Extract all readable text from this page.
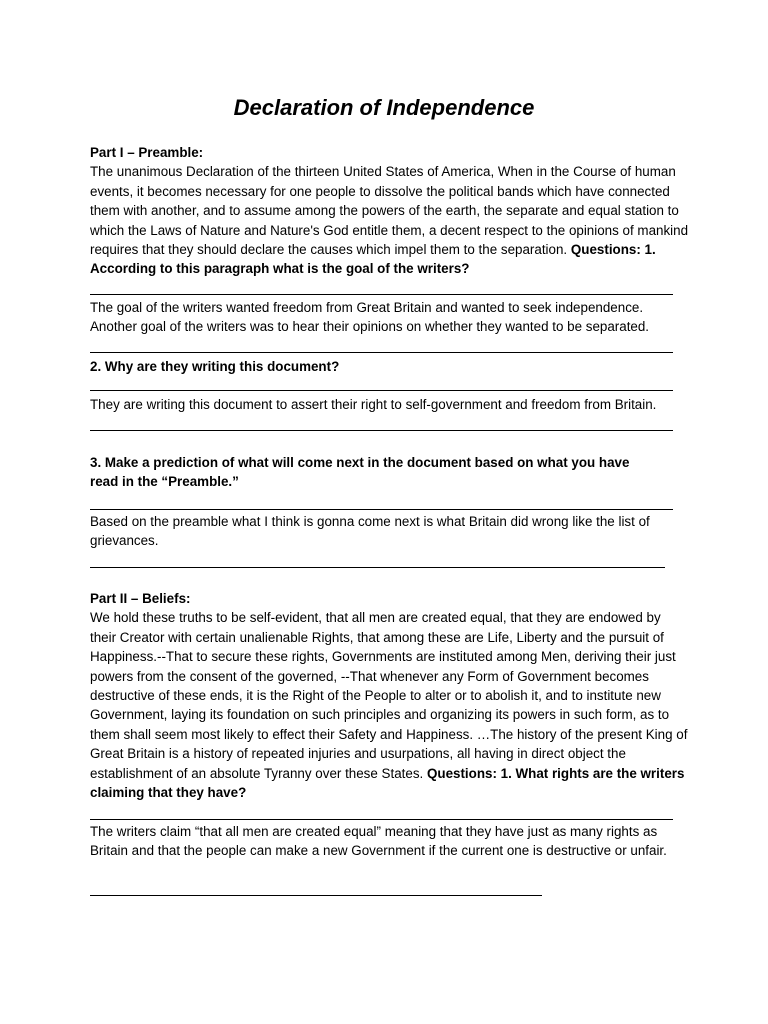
Declaration of Independence

Part I – Preamble:
The unanimous Declaration of the thirteen United States of America, When in the Course of human events, it becomes necessary for one people to dissolve the political bands which have connected them with another, and to assume among the powers of the earth, the separate and equal station to which the Laws of Nature and Nature's God entitle them, a decent respect to the opinions of mankind requires that they should declare the causes which impel them to the separation. Questions: 1. According to this paragraph what is the goal of the writers?

The goal of the writers wanted freedom from Great Britain and wanted to seek independence. Another goal of the writers was to hear their opinions on whether they wanted to be separated.

2. Why are they writing this document?

They are writing this document to assert their right to self-government and freedom from Britain.

3. Make a prediction of what will come next in the document based on what you have read in the “Preamble.”

Based on the preamble what I think is gonna come next is what Britain did wrong like the list of grievances.

Part II – Beliefs:
We hold these truths to be self-evident, that all men are created equal, that they are endowed by their Creator with certain unalienable Rights, that among these are Life, Liberty and the pursuit of Happiness.--That to secure these rights, Governments are instituted among Men, deriving their just powers from the consent of the governed, --That whenever any Form of Government becomes destructive of these ends, it is the Right of the People to alter or to abolish it, and to institute new Government, laying its foundation on such principles and organizing its powers in such form, as to them shall seem most likely to effect their Safety and Happiness. …The history of the present King of Great Britain is a history of repeated injuries and usurpations, all having in direct object the establishment of an absolute Tyranny over these States. Questions: 1. What rights are the writers claiming that they have?

The writers claim “that all men are created equal” meaning that they have just as many rights as Britain and that the people can make a new Government if the current one is destructive or unfair.
